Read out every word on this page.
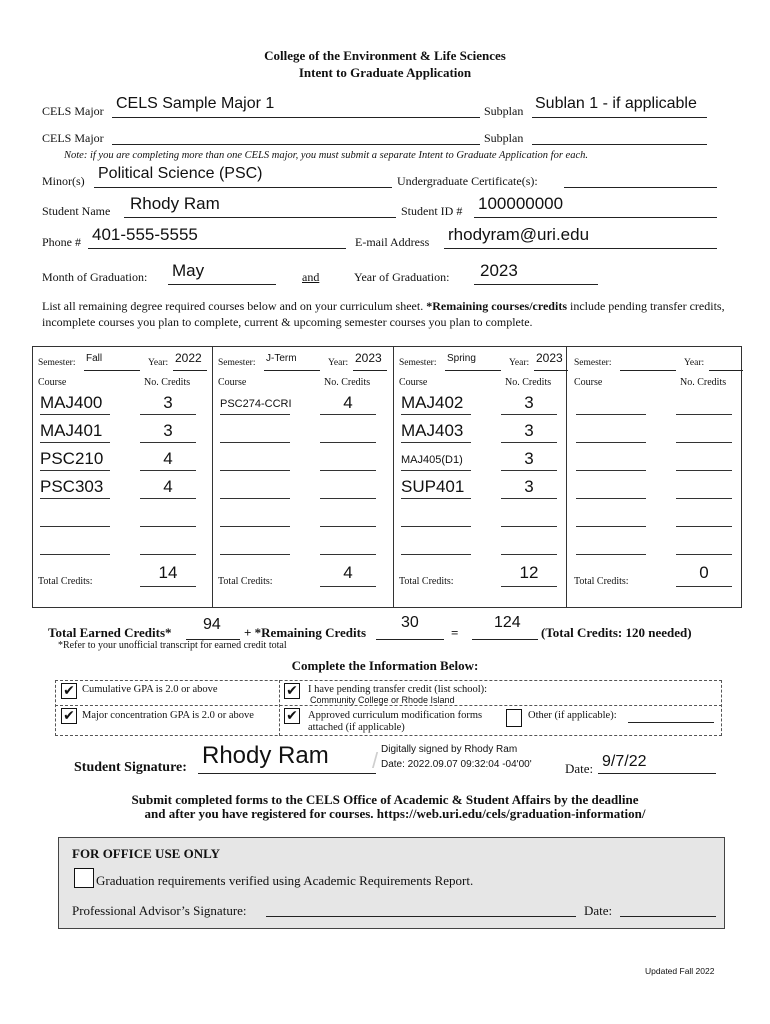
College of the Environment & Life Sciences
Intent to Graduate Application
CELS Major CELS Sample Major 1	Subplan Sublan 1 - if applicable
CELS Major	Subplan
Note: if you are completing more than one CELS major, you must submit a separate Intent to Graduate Application for each.
Minor(s) Political Science (PSC)	Undergraduate Certificate(s):
Student Name Rhody Ram	Student ID # 100000000
Phone # 401-555-5555	E-mail Address rhodyram@uri.edu
Month of Graduation: May	and	Year of Graduation: 2023
List all remaining degree required courses below and on your curriculum sheet. *Remaining courses/credits include pending transfer credits, incomplete courses you plan to complete, current & upcoming semester courses you plan to complete.
Semester: Fall	Year: 2022
Course	No. Credits
MAJ400	3
MAJ401	3
PSC210	4
PSC303	4
Total Credits:	14
Semester: J-Term	Year: 2023
Course	No. Credits
PSC274-CCRI	4
Total Credits:	4
Semester: Spring	Year: 2023
Course	No. Credits
MAJ402	3
MAJ403	3
MAJ405(D1)	3
SUP401	3
Total Credits:	12
Semester:	Year:
Course	No. Credits
Total Credits:	0
Total Earned Credits* 94 + *Remaining Credits
30
=
124
(Total Credits: 120 needed)
*Refer to your unofficial transcript for earned credit total
Complete the Information Below:
✔ Cumulative GPA is 2.0 or above	✔ I have pending transfer credit (list school):
Community College or Rhode Island
✔ Major concentration GPA is 2.0 or above ✔ Approved curriculum modification forms attached (if applicable)
Other (if applicable):
Student Signature: Rhody Ram / Digitally signed by Rhody Ram
Date: 2022.09.07 09:32:04 -04'00'	Date: 9/7/22
Submit completed forms to the CELS Office of Academic & Student Affairs by the deadline
and after you have registered for courses. https://web.uri.edu/cels/graduation-information/
FOR OFFICE USE ONLY
Graduation requirements verified using Academic Requirements Report.
Professional Advisor’s Signature:	Date:
Updated Fall 2022
